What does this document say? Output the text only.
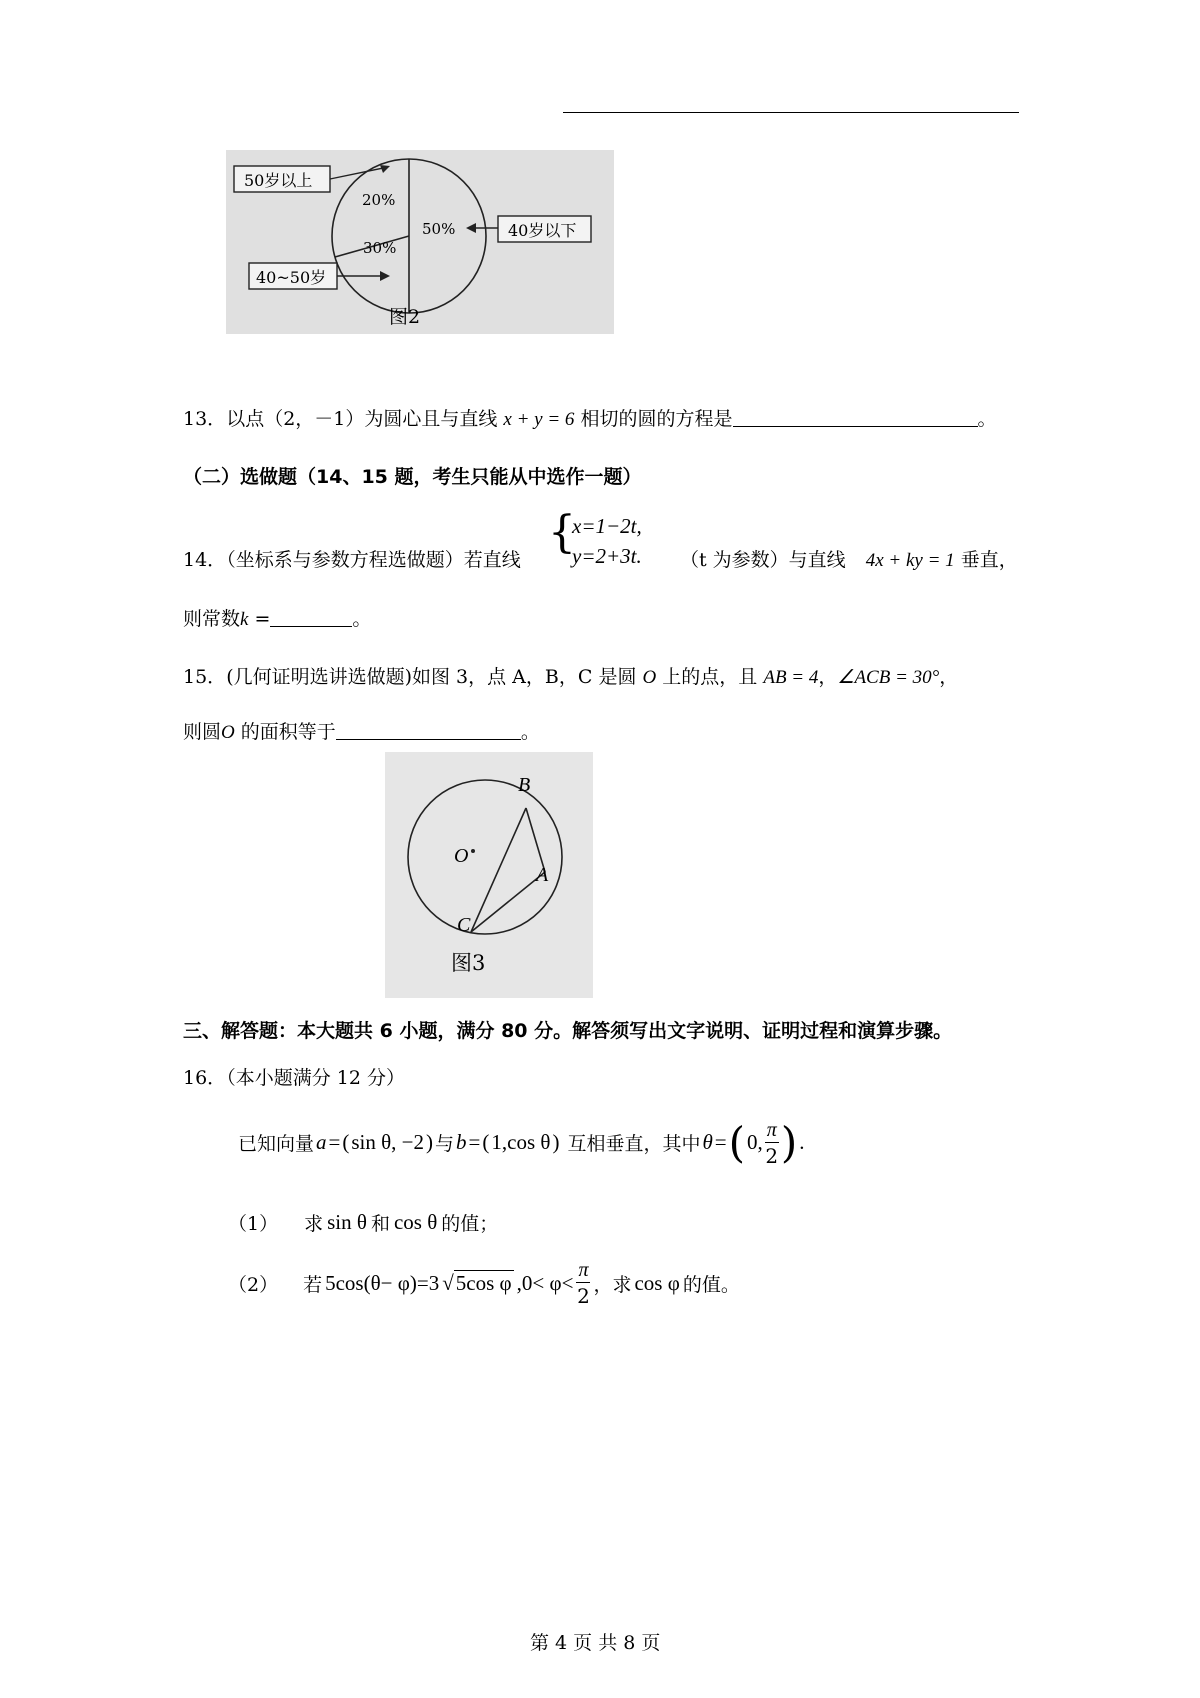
50岁以上
40~50岁
40岁以下
20%
30%
50%
图2
13．以点（2，－1）为圆心且与直线 x + y = 6 相切的圆的方程是	。
（二）选做题（14、15 题，考生只能从中选作一题）
{
x=1−2t,
y=2+3t.
14．（坐标系与参数方程选做题）若直线	（t 为参数）与直线 4x + ky = 1 垂直，
则常数k =	。
15．(几何证明选讲选做题)如图 3，点 A，B，C 是圆 O 上的点，且 AB = 4，∠ACB = 30°，
则圆O 的面积等于	。
B
A
C
O
图3
三、解答题：本大题共 6 小题，满分 80 分。解答须写出文字说明、证明过程和演算步骤。
16．（本小题满分 12 分）
已知向量 a = ( sin θ, −2 ) 与 b = ( 1,cos θ ) 互相垂直，其中 θ = ( 0, $\frac{\pi}{2}$ ) .
（1） 求 sin θ 和 cos θ 的值；
（2） 若 5cos(θ− φ)=3 √ 5cos φ $,0< \varphi< \frac{\pi}{2}$ ，求 cos φ 的值。
第 4 页 共 8 页
